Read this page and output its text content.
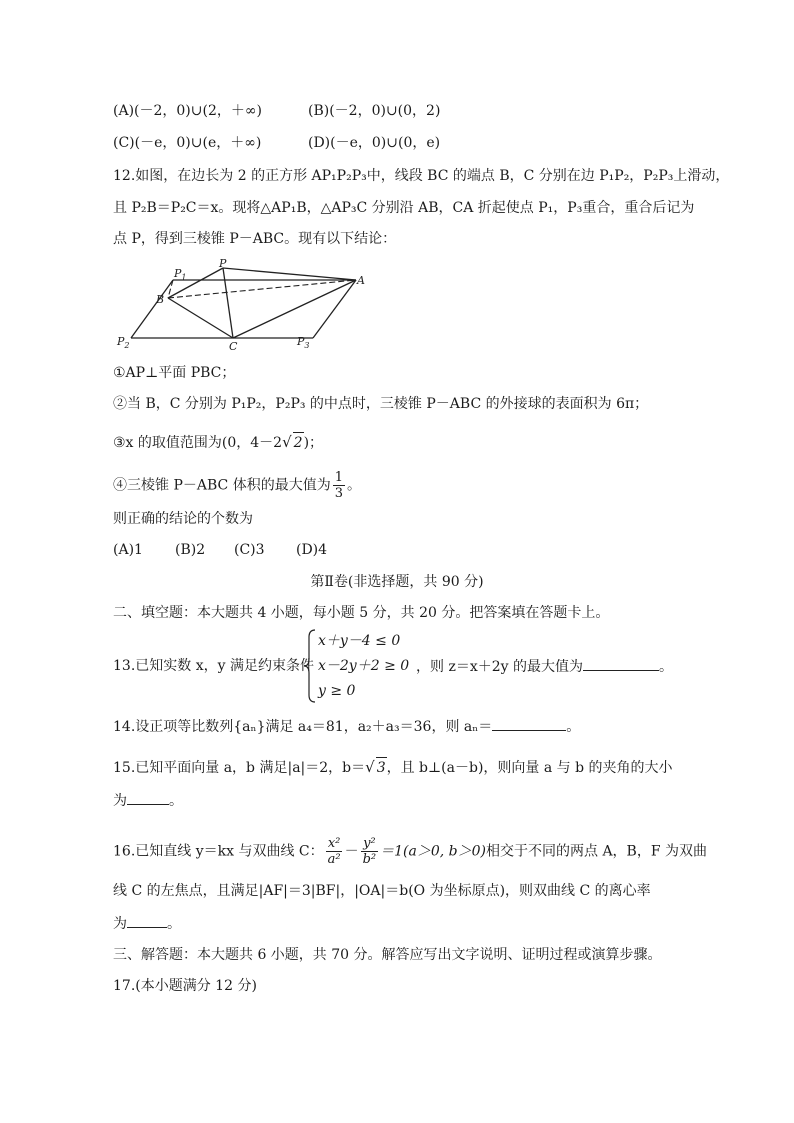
(A)(－2，0)∪(2，＋∞)	(B)(－2，0)∪(0，2)
(C)(－e，0)∪(e，＋∞)	(D)(－e，0)∪(0，e)
12.如图，在边长为 2 的正方形 AP₁P₂P₃中，线段 BC 的端点 B，C 分别在边 P₁P₂，P₂P₃上滑动，
且 P₂B＝P₂C＝x。现将△AP₁B，△AP₃C 分别沿 AB，CA 折起使点 P₁，P₃重合，重合后记为
点 P，得到三棱锥 P－ABC。现有以下结论：
$P_1$
P
A
B
C
$P_2$	$P_3$
①AP⊥平面 PBC；
②当 B，C 分别为 P₁P₂，P₂P₃ 的中点时，三棱锥 P－ABC 的外接球的表面积为 6π；
③x 的取值范围为(0，4－2√ 2)；
④三棱锥 P－ABC 体积的最大值为 $\frac{1}{3}$ 。
则正确的结论的个数为
(A)1 (B)2 (C)3 (D)4
第Ⅱ卷(非选择题，共 90 分)
二、填空题：本大题共 4 小题，每小题 5 分，共 20 分。把答案填在答题卡上。
13.已知实数 x，y 满足约束条件
x＋y－4 ≤ 0
x－2y＋2 ≥ 0
y ≥ 0
，则 z＝x＋2y 的最大值为	。
14.设正项等比数列{aₙ}满足 a₄＝81，a₂＋a₃＝36，则 aₙ＝	。
15.已知平面向量 a，b 满足|a|＝2，b＝√ 3，且 b⊥(a－b)，则向量 a 与 b 的夹角的大小
为	。
16.已知直线 y＝kx 与双曲线 C： $\frac{\text{x²}}{\text{a²}} - \frac{\text{y²}}{\text{b²}} =1(a>0$, b＞0)相交于不同的两点 A，B，F 为双曲
线 C 的左焦点，且满足|AF|＝3|BF|，|OA|＝b(O 为坐标原点)，则双曲线 C 的离心率
为	。
三、解答题：本大题共 6 小题，共 70 分。解答应写出文字说明、证明过程或演算步骤。
17.(本小题满分 12 分)
